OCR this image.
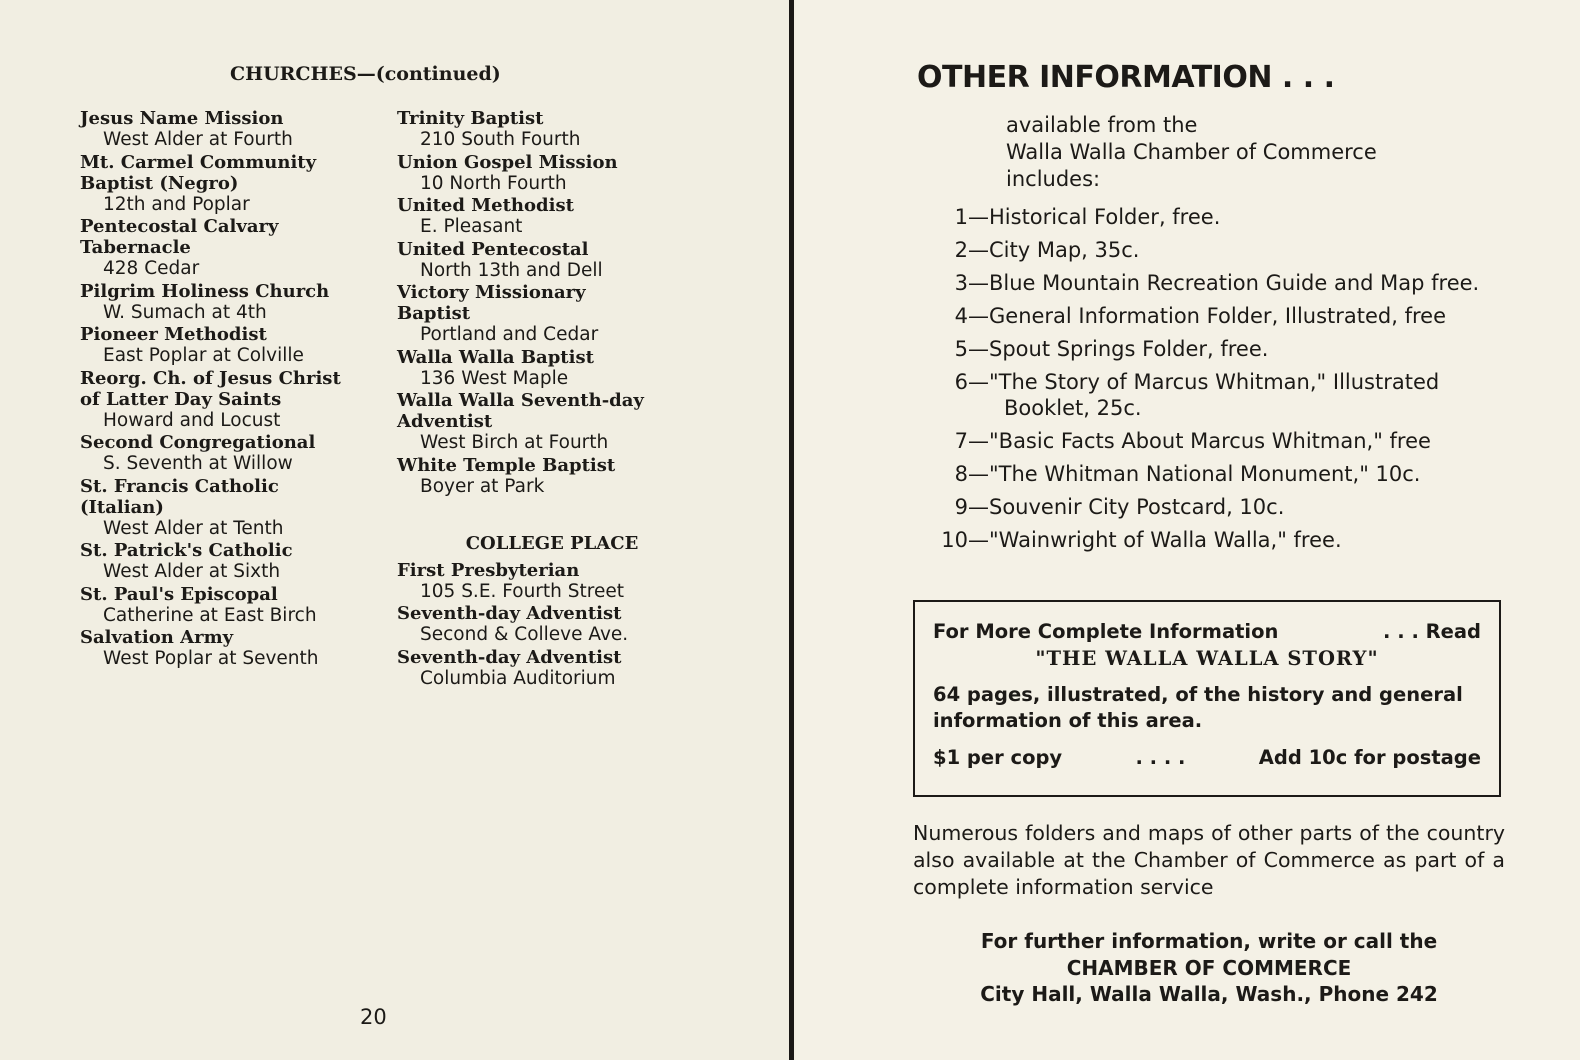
CHURCHES—(continued)
Jesus Name Mission
West Alder at Fourth
Mt. Carmel Community
Baptist (Negro)
12th and Poplar
Pentecostal Calvary
Tabernacle
428 Cedar
Pilgrim Holiness Church
W. Sumach at 4th
Pioneer Methodist
East Poplar at Colville
Reorg. Ch. of Jesus Christ
of Latter Day Saints
Howard and Locust
Second Congregational
S. Seventh at Willow
St. Francis Catholic
(Italian)
West Alder at Tenth
St. Patrick's Catholic
West Alder at Sixth
St. Paul's Episcopal
Catherine at East Birch
Salvation Army
West Poplar at Seventh
Trinity Baptist
210 South Fourth
Union Gospel Mission
10 North Fourth
United Methodist
E. Pleasant
United Pentecostal
North 13th and Dell
Victory Missionary
Baptist
Portland and Cedar
Walla Walla Baptist
136 West Maple
Walla Walla Seventh-day
Adventist
West Birch at Fourth
White Temple Baptist
Boyer at Park
COLLEGE PLACE
First Presbyterian
105 S.E. Fourth Street
Seventh-day Adventist
Second & Colleve Ave.
Seventh-day Adventist
Columbia Auditorium
20
OTHER INFORMATION . . .
available from the
Walla Walla Chamber of Commerce
includes:
1—Historical Folder, free.
2—City Map, 35c.
3—Blue Mountain Recreation Guide and Map free.
4—General Information Folder, Illustrated, free
5—Spout Springs Folder, free.
6—"The Story of Marcus Whitman," Illustrated Booklet, 25c.
7—"Basic Facts About Marcus Whitman," free
8—"The Whitman National Monument," 10c.
9—Souvenir City Postcard, 10c.
10—"Wainwright of Walla Walla," free.
For More Complete Information	. . . Read
"THE WALLA WALLA STORY"
64 pages, illustrated, of the history and general information of this area.
$1 per copy	. . . .	Add 10c for postage
Numerous folders and maps of other parts of the country also available at the Chamber of Commerce as part of a complete information service
For further information, write or call the
CHAMBER OF COMMERCE
City Hall, Walla Walla, Wash., Phone 242
